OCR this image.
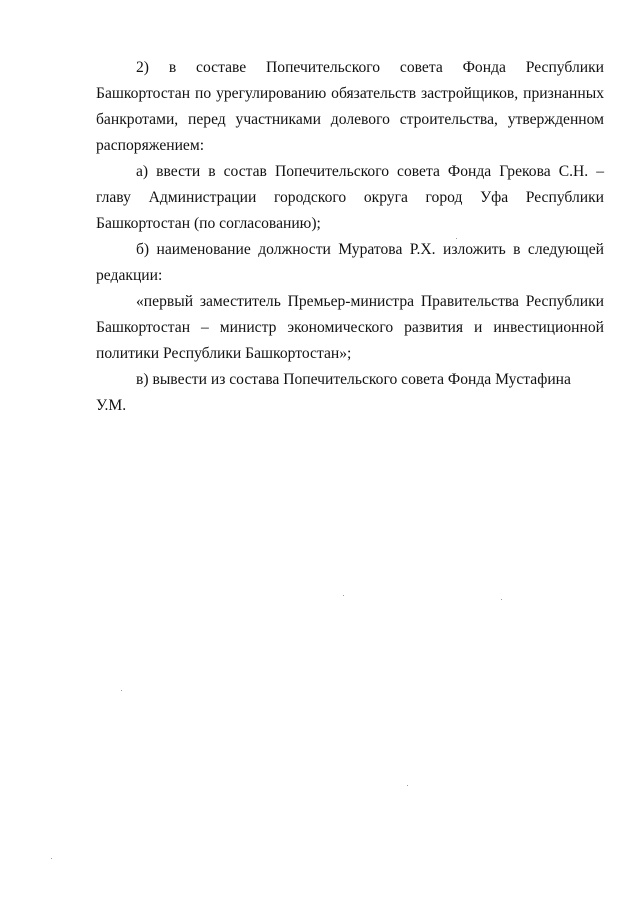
2) в составе Попечительского совета Фонда Республики Башкортостан по урегулированию обязательств застройщиков, признанных банкротами, перед участниками долевого строительства, утвержденном распоряжением:

а) ввести в состав Попечительского совета Фонда Грекова С.Н. – главу Администрации городского округа город Уфа Республики Башкортостан (по согласованию);

б) наименование должности Муратова Р.Х. изложить в следующей редакции:

«первый заместитель Премьер-министра Правительства Республики Башкортостан – министр экономического развития и инвестиционной политики Республики Башкортостан»;

в) вывести из состава Попечительского совета Фонда Мустафина У.М.
